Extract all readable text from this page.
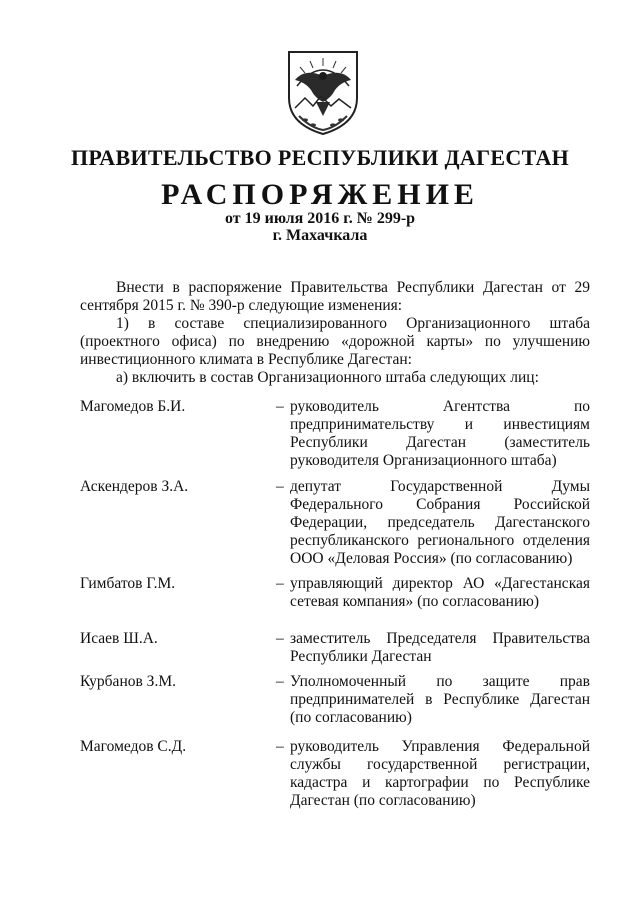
ПРАВИТЕЛЬСТВО РЕСПУБЛИКИ ДАГЕСТАН
РАСПОРЯЖЕНИЕ
от 19 июля 2016 г. № 299-р
г. Махачкала

Внести в распоряжение Правительства Республики Дагестан от 29 сентября 2015 г. № 390-р следующие изменения:

1) в составе специализированного Организационного штаба (проектного офиса) по внедрению «дорожной карты» по улучшению инвестиционного климата в Республике Дагестан:

а) включить в состав Организационного штаба следующих лиц:

Магомедов Б.И.	– руководитель Агентства по предпринимательству и инвестициям Республики Дагестан (заместитель руководителя Организационного штаба)
Аскендеров З.А.	– депутат Государственной Думы Федерального Собрания Российской Федерации, председатель Дагестанского республиканского регионального отделения ООО «Деловая Россия» (по согласованию)
Гимбатов Г.М.	– управляющий директор АО «Дагестанская сетевая компания» (по согласованию)
Исаев Ш.А.	– заместитель Председателя Правительства Республики Дагестан
Курбанов З.М.	– Уполномоченный по защите прав предпринимателей в Республике Дагестан (по согласованию)
Магомедов С.Д.	– руководитель Управления Федеральной службы государственной регистрации, кадастра и картографии по Республике Дагестан (по согласованию)
